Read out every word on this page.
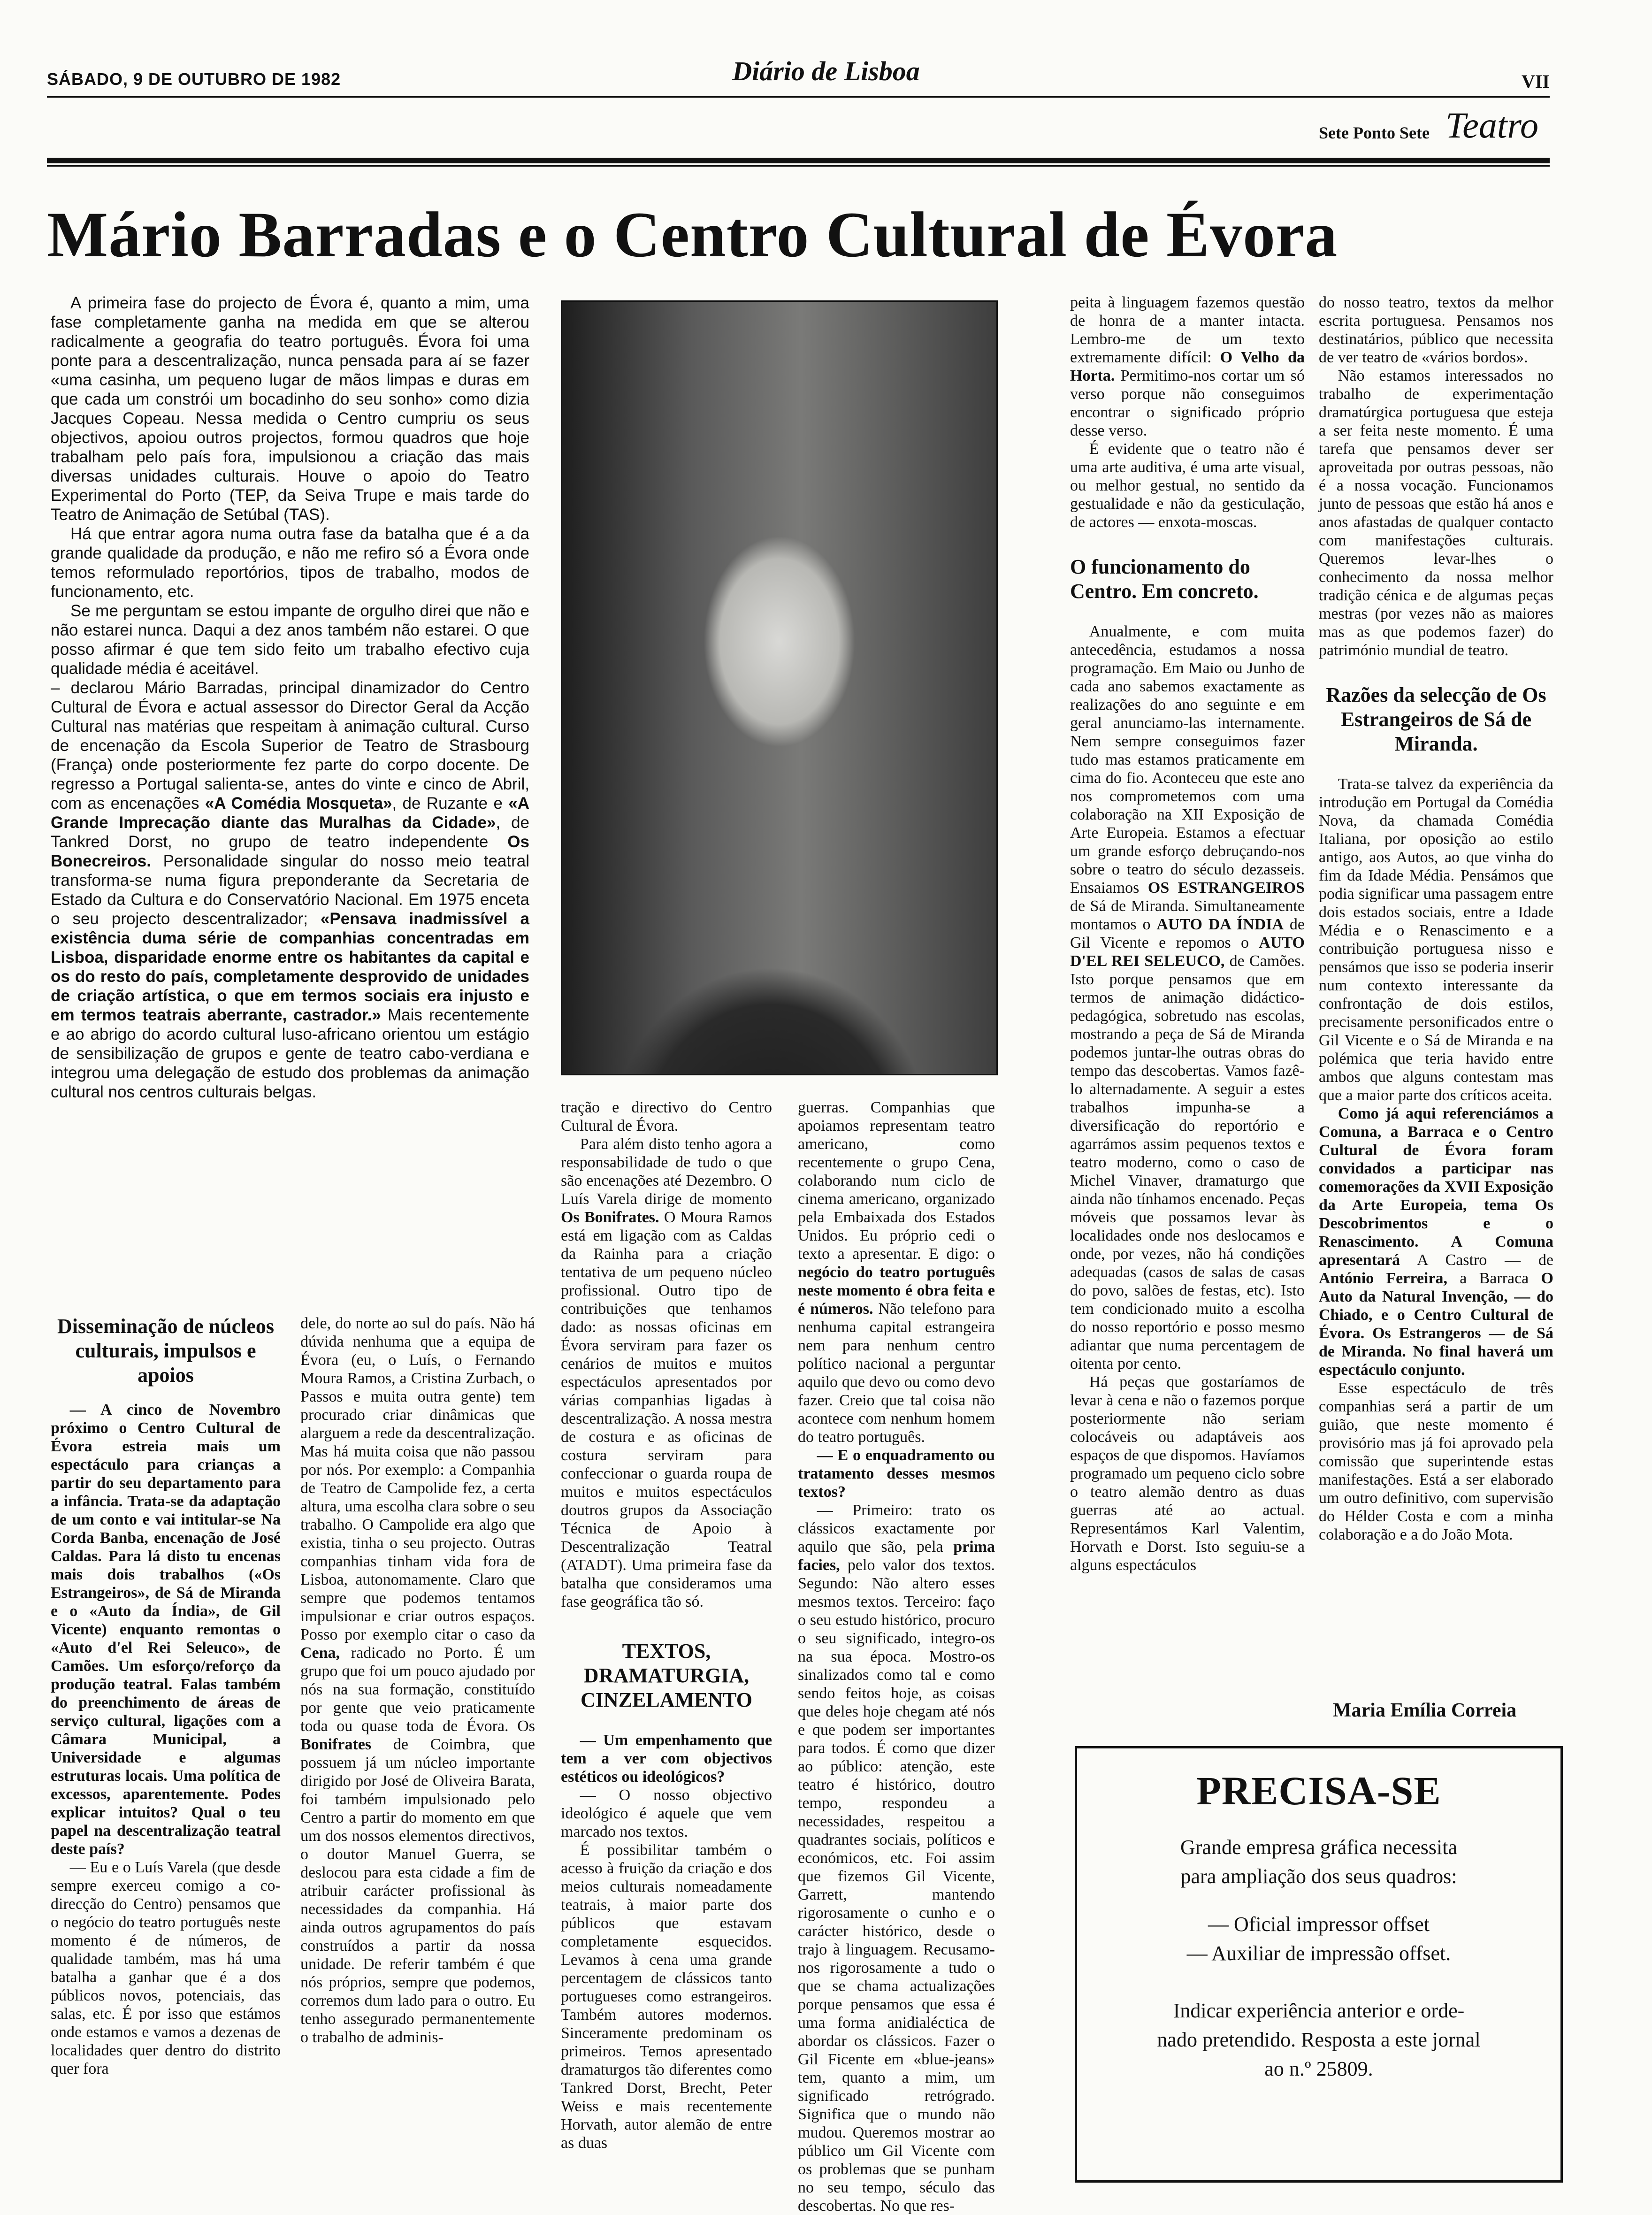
SÁBADO, 9 DE OUTUBRO DE 1982	Diário de Lisboa	VII
Sete Ponto Sete Teatro
Mário Barradas e o Centro Cultural de Évora

A primeira fase do projecto de Évora é, quanto a mim, uma fase completamente ganha na medida em que se alterou radicalmente a geografia do teatro português. Évora foi uma ponte para a descentralização, nunca pensada para aí se fazer «uma casinha, um pequeno lugar de mãos limpas e duras em que cada um constrói um bocadinho do seu sonho» como dizia Jacques Copeau. Nessa medida o Centro cumpriu os seus objectivos, apoiou outros projectos, formou quadros que hoje trabalham pelo país fora, impulsionou a criação das mais diversas unidades culturais. Houve o apoio do Teatro Experimental do Porto (TEP, da Seiva Trupe e mais tarde do Teatro de Animação de Setúbal (TAS).

Há que entrar agora numa outra fase da batalha que é a da grande qualidade da produção, e não me refiro só a Évora onde temos reformulado reportórios, tipos de trabalho, modos de funcionamento, etc.

Se me perguntam se estou impante de orgulho direi que não e não estarei nunca. Daqui a dez anos também não estarei. O que posso afirmar é que tem sido feito um trabalho efectivo cuja qualidade média é aceitável.

– declarou Mário Barradas, principal dinamizador do Centro Cultural de Évora e actual assessor do Director Geral da Acção Cultural nas matérias que respeitam à animação cultural. Curso de encenação da Escola Superior de Teatro de Strasbourg (França) onde posteriormente fez parte do corpo docente. De regresso a Portugal salienta-se, antes do vinte e cinco de Abril, com as encenações «A Comédia Mosqueta», de Ruzante e «A Grande Imprecação diante das Muralhas da Cidade», de Tankred Dorst, no grupo de teatro independente Os Bonecreiros. Personalidade singular do nosso meio teatral transforma-se numa figura preponderante da Secretaria de Estado da Cultura e do Conservatório Nacional. Em 1975 enceta o seu projecto descentralizador; «Pensava inadmissível a existência duma série de companhias concentradas em Lisboa, disparidade enorme entre os habitantes da capital e os do resto do país, completamente desprovido de unidades de criação artística, o que em termos sociais era injusto e em termos teatrais aberrante, castrador.» Mais recentemente e ao abrigo do acordo cultural luso-africano orientou um estágio de sensibilização de grupos e gente de teatro cabo-verdiana e integrou uma delegação de estudo dos problemas da animação cultural nos centros culturais belgas.

Disseminação de núcleos culturais, impulsos e apoios

— A cinco de Novembro próximo o Centro Cultural de Évora estreia mais um espectáculo para crianças a partir do seu departamento para a infância. Trata-se da adaptação de um conto e vai intitular-se Na Corda Banba, encenação de José Caldas. Para lá disto tu encenas mais dois trabalhos («Os Estrangeiros», de Sá de Miranda e o «Auto da Índia», de Gil Vicente) enquanto remontas o «Auto d'el Rei Seleuco», de Camões. Um esforço/reforço da produção teatral. Falas também do preenchimento de áreas de serviço cultural, ligações com a Câmara Municipal, a Universidade e algumas estruturas locais. Uma política de excessos, aparentemente. Podes explicar intuitos? Qual o teu papel na descentralização teatral deste país?

— Eu e o Luís Varela (que desde sempre exerceu comigo a co-direcção do Centro) pensamos que o negócio do teatro português neste momento é de números, de qualidade também, mas há uma batalha a ganhar que é a dos públicos novos, potenciais, das salas, etc. É por isso que estámos onde estamos e vamos a dezenas de localidades quer dentro do distrito quer fora

dele, do norte ao sul do país. Não há dúvida nenhuma que a equipa de Évora (eu, o Luís, o Fernando Moura Ramos, a Cristina Zurbach, o Passos e muita outra gente) tem procurado criar dinâmicas que alarguem a rede da descentralização. Mas há muita coisa que não passou por nós. Por exemplo: a Companhia de Teatro de Campolide fez, a certa altura, uma escolha clara sobre o seu trabalho. O Campolide era algo que existia, tinha o seu projecto. Outras companhias tinham vida fora de Lisboa, autonomamente. Claro que sempre que podemos tentamos impulsionar e criar outros espaços. Posso por exemplo citar o caso da Cena, radicado no Porto. É um grupo que foi um pouco ajudado por nós na sua formação, constituído por gente que veio praticamente toda ou quase toda de Évora. Os Bonifrates de Coimbra, que possuem já um núcleo importante dirigido por José de Oliveira Barata, foi também impulsionado pelo Centro a partir do momento em que um dos nossos elementos directivos, o doutor Manuel Guerra, se deslocou para esta cidade a fim de atribuir carácter profissional às necessidades da companhia. Há ainda outros agrupamentos do país construídos a partir da nossa unidade. De referir também é que nós próprios, sempre que podemos, corremos dum lado para o outro. Eu tenho assegurado permanentemente o trabalho de adminis-

tração e directivo do Centro Cultural de Évora.

Para além disto tenho agora a responsabilidade de tudo o que são encenações até Dezembro. O Luís Varela dirige de momento Os Bonifrates. O Moura Ramos está em ligação com as Caldas da Rainha para a criação tentativa de um pequeno núcleo profissional. Outro tipo de contribuições que tenhamos dado: as nossas oficinas em Évora serviram para fazer os cenários de muitos e muitos espectáculos apresentados por várias companhias ligadas à descentralização. A nossa mestra de costura e as oficinas de costura serviram para confeccionar o guarda roupa de muitos e muitos espectáculos doutros grupos da Associação Técnica de Apoio à Descentralização Teatral (ATADT). Uma primeira fase da batalha que consideramos uma fase geográfica tão só.

TEXTOS, DRAMATURGIA, CINZELAMENTO

— Um empenhamento que tem a ver com objectivos estéticos ou ideológicos?

— O nosso objectivo ideológico é aquele que vem marcado nos textos.

É possibilitar também o acesso à fruição da criação e dos meios culturais nomeadamente teatrais, à maior parte dos públicos que estavam completamente esquecidos. Levamos à cena uma grande percentagem de clássicos tanto portugueses como estrangeiros. Também autores modernos. Sinceramente predominam os primeiros. Temos apresentado dramaturgos tão diferentes como Tankred Dorst, Brecht, Peter Weiss e mais recentemente Horvath, autor alemão de entre as duas

guerras. Companhias que apoiamos representam teatro americano, como recentemente o grupo Cena, colaborando num ciclo de cinema americano, organizado pela Embaixada dos Estados Unidos. Eu próprio cedi o texto a apresentar. E digo: o negócio do teatro português neste momento é obra feita e é números. Não telefono para nenhuma capital estrangeira nem para nenhum centro político nacional a perguntar aquilo que devo ou como devo fazer. Creio que tal coisa não acontece com nenhum homem do teatro português.

— E o enquadramento ou tratamento desses mesmos textos?

— Primeiro: trato os clássicos exactamente por aquilo que são, pela prima facies, pelo valor dos textos. Segundo: Não altero esses mesmos textos. Terceiro: faço o seu estudo histórico, procuro o seu significado, integro-os na sua época. Mostro-os sinalizados como tal e como sendo feitos hoje, as coisas que deles hoje chegam até nós e que podem ser importantes para todos. É como que dizer ao público: atenção, este teatro é histórico, doutro tempo, respondeu a necessidades, respeitou a quadrantes sociais, políticos e económicos, etc. Foi assim que fizemos Gil Vicente, Garrett, mantendo rigorosamente o cunho e o carácter histórico, desde o trajo à linguagem. Recusamo-nos rigorosamente a tudo o que se chama actualizações porque pensamos que essa é uma forma anidialéctica de abordar os clássicos. Fazer o Gil Ficente em «blue-jeans» tem, quanto a mim, um significado retrógrado. Significa que o mundo não mudou. Queremos mostrar ao público um Gil Vicente com os problemas que se punham no seu tempo, século das descobertas. No que res-

peita à linguagem fazemos questão de honra de a manter intacta. Lembro-me de um texto extremamente difícil: O Velho da Horta. Permitimo-nos cortar um só verso porque não conseguimos encontrar o significado próprio desse verso.

É evidente que o teatro não é uma arte auditiva, é uma arte visual, ou melhor gestual, no sentido da gestualidade e não da gesticulação, de actores — enxota-moscas.

O funcionamento do Centro. Em concreto.

Anualmente, e com muita antecedência, estudamos a nossa programação. Em Maio ou Junho de cada ano sabemos exactamente as realizações do ano seguinte e em geral anunciamo-las internamente. Nem sempre conseguimos fazer tudo mas estamos praticamente em cima do fio. Aconteceu que este ano nos comprometemos com uma colaboração na XII Exposição de Arte Europeia. Estamos a efectuar um grande esforço debruçando-nos sobre o teatro do século dezasseis. Ensaiamos OS ESTRANGEIROS de Sá de Miranda. Simultaneamente montamos o AUTO DA ÍNDIA de Gil Vicente e repomos o AUTO D'EL REI SELEUCO, de Camões. Isto porque pensamos que em termos de animação didáctico-pedagógica, sobretudo nas escolas, mostrando a peça de Sá de Miranda podemos juntar-lhe outras obras do tempo das descobertas. Vamos fazê-lo alternadamente. A seguir a estes trabalhos impunha-se a diversificação do reportório e agarrámos assim pequenos textos e teatro moderno, como o caso de Michel Vinaver, dramaturgo que ainda não tínhamos encenado. Peças móveis que possamos levar às localidades onde nos deslocamos e onde, por vezes, não há condições adequadas (casos de salas de casas do povo, salões de festas, etc). Isto tem condicionado muito a escolha do nosso reportório e posso mesmo adiantar que numa percentagem de oitenta por cento.

Há peças que gostaríamos de levar à cena e não o fazemos porque posteriormente não seriam colocáveis ou adaptáveis aos espaços de que dispomos. Havíamos programado um pequeno ciclo sobre o teatro alemão dentro as duas guerras até ao actual. Representámos Karl Valentim, Horvath e Dorst. Isto seguiu-se a alguns espectáculos

do nosso teatro, textos da melhor escrita portuguesa. Pensamos nos destinatários, público que necessita de ver teatro de «vários bordos».

Não estamos interessados no trabalho de experimentação dramatúrgica portuguesa que esteja a ser feita neste momento. É uma tarefa que pensamos dever ser aproveitada por outras pessoas, não é a nossa vocação. Funcionamos junto de pessoas que estão há anos e anos afastadas de qualquer contacto com manifestações culturais. Queremos levar-lhes o conhecimento da nossa melhor tradição cénica e de algumas peças mestras (por vezes não as maiores mas as que podemos fazer) do património mundial de teatro.

Razões da selecção de Os Estrangeiros de Sá de Miranda.

Trata-se talvez da experiência da introdução em Portugal da Comédia Nova, da chamada Comédia Italiana, por oposição ao estilo antigo, aos Autos, ao que vinha do fim da Idade Média. Pensámos que podia significar uma passagem entre dois estados sociais, entre a Idade Média e o Renascimento e a contribuição portuguesa nisso e pensámos que isso se poderia inserir num contexto interessante da confrontação de dois estilos, precisamente personificados entre o Gil Vicente e o Sá de Miranda e na polémica que teria havido entre ambos que alguns contestam mas que a maior parte dos críticos aceita.

Como já aqui referenciámos a Comuna, a Barraca e o Centro Cultural de Évora foram convidados a participar nas comemorações da XVII Exposição da Arte Europeia, tema Os Descobrimentos e o Renascimento. A Comuna apresentará A Castro — de António Ferreira, a Barraca O Auto da Natural Invenção, — do Chiado, e o Centro Cultural de Évora. Os Estrangeros — de Sá de Miranda. No final haverá um espectáculo conjunto.

Esse espectáculo de três companhias será a partir de um guião, que neste momento é provisório mas já foi aprovado pela comissão que superintende estas manifestações. Está a ser elaborado um outro definitivo, com supervisão do Hélder Costa e com a minha colaboração e a do João Mota.

Maria Emília Correia
PRECISA-SE
Grande empresa gráfica necessita
para ampliação dos seus quadros:
— Oficial impressor offset
— Auxiliar de impressão offset.
Indicar experiência anterior e orde-
nado pretendido. Resposta a este jornal
ao n.º 25809.
